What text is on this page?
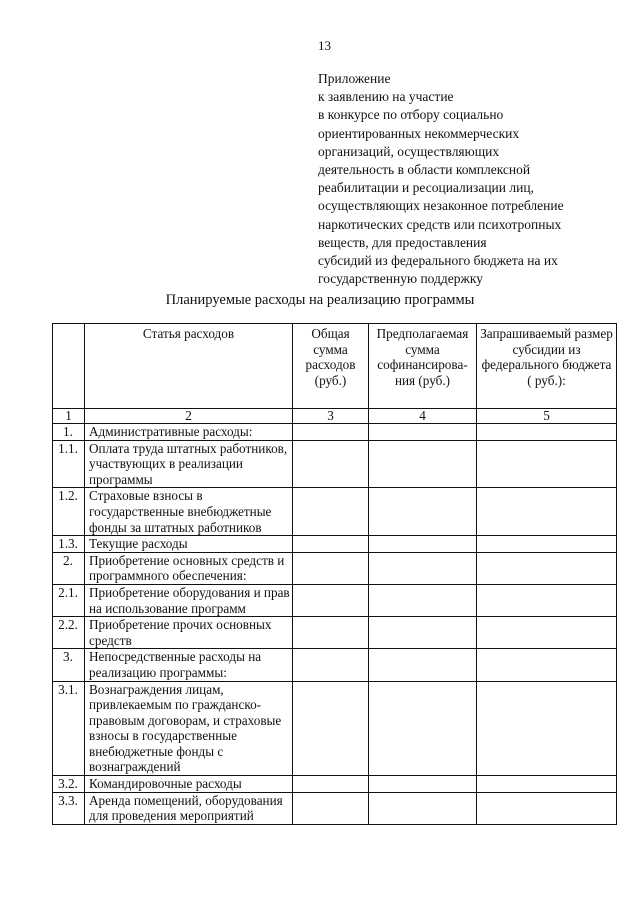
13
Приложение
к заявлению на участие
в конкурсе по отбору социально
ориентированных некоммерческих
организаций, осуществляющих
деятельность в области комплексной
реабилитации и ресоциализации лиц,
осуществляющих незаконное потребление
наркотических средств или психотропных
веществ, для предоставления
субсидий из федерального бюджета на их
государственную поддержку
Планируемые расходы на реализацию программы
	Статья расходов	Общая сумма расходов (руб.)	Предполагаемая сумма софинансирова-ния (руб.)	Запрашиваемый размер субсидии из федерального бюджета ( руб.):
1	2	3	4	5
1.	Административные расходы:			
1.1.	Оплата труда штатных работников, участвующих в реализации программы			
1.2.	Страховые взносы в государственные внебюджетные фонды за штатных работников			
1.3.	Текущие расходы			
2.	Приобретение основных средств и программного обеспечения:			
2.1.	Приобретение оборудования и прав на использование программ			
2.2.	Приобретение прочих основных средств			
3.	Непосредственные расходы на реализацию программы:			
3.1.	Вознаграждения лицам, привлекаемым по гражданско-правовым договорам, и страховые взносы в государственные внебюджетные фонды с вознаграждений			
3.2.	Командировочные расходы			
3.3.	Аренда помещений, оборудования для проведения мероприятий			
